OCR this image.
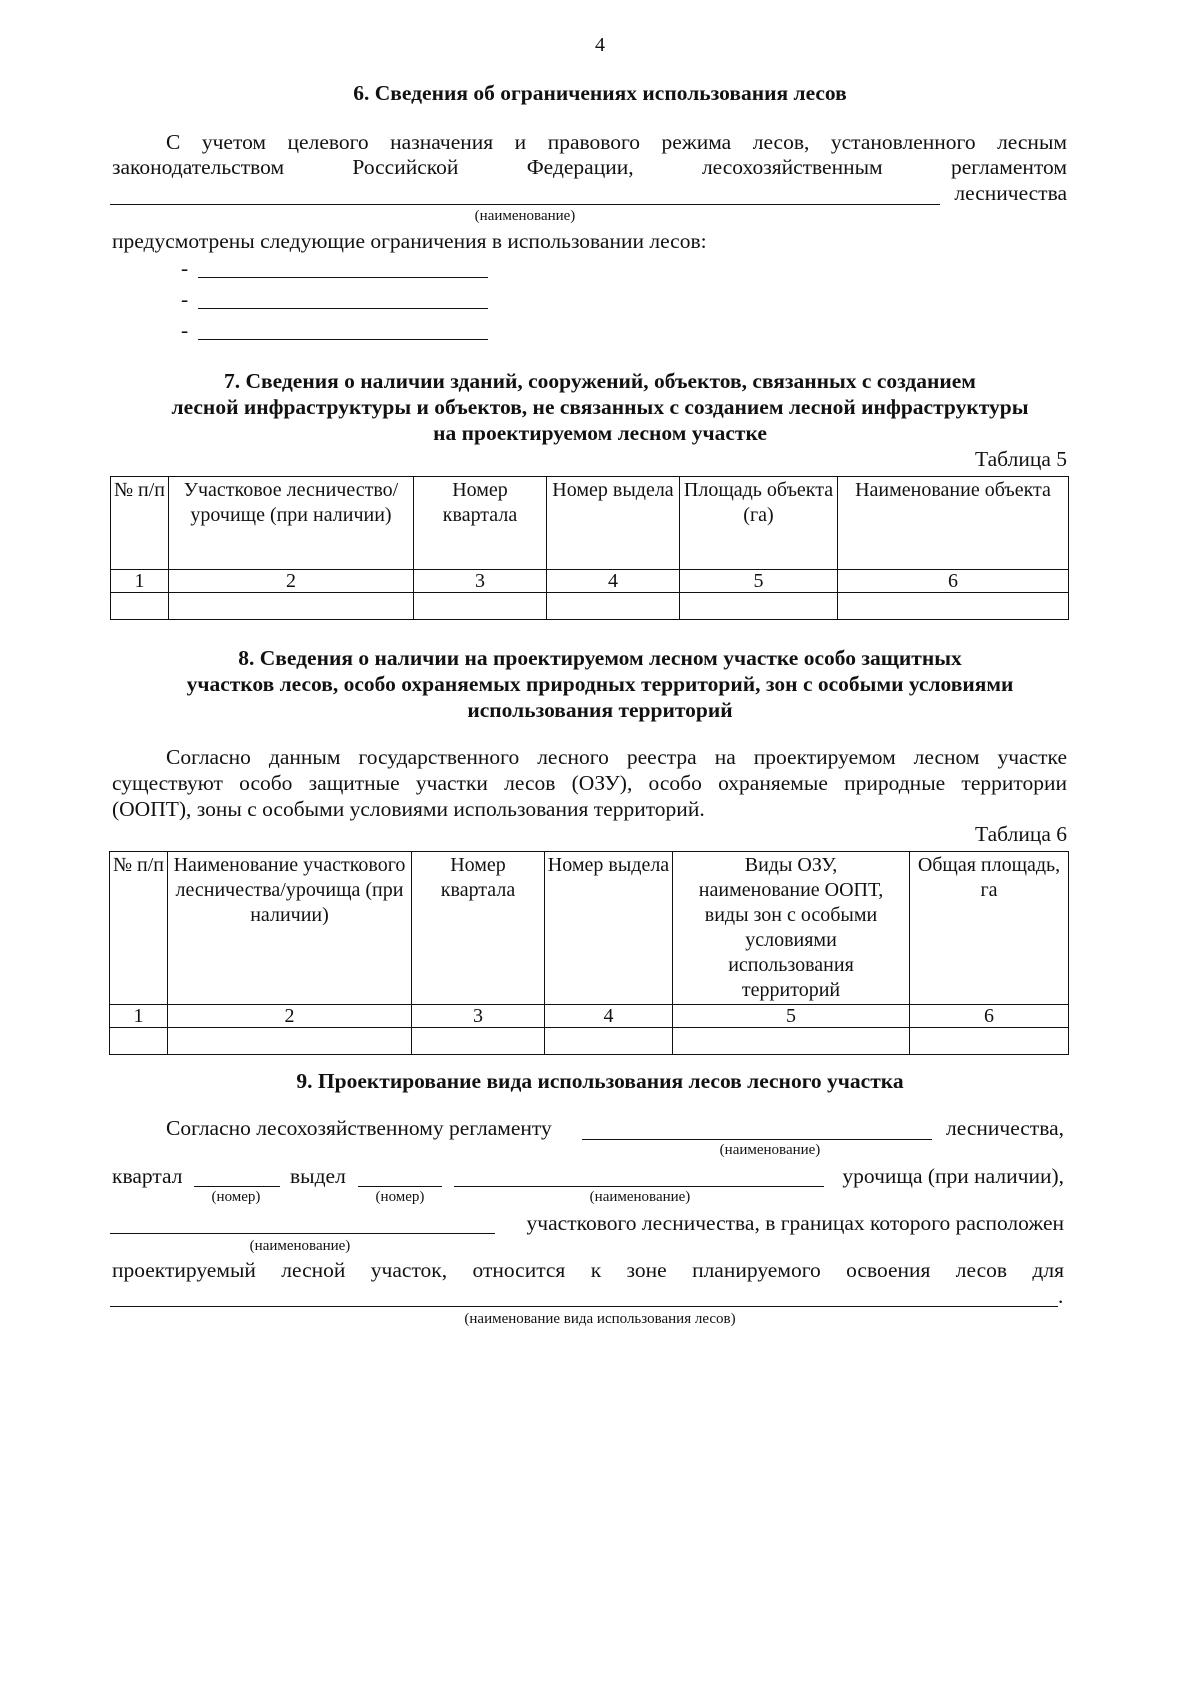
4
6. Сведения об ограничениях использования лесов
С учетом целевого назначения и правового режима лесов, установленного лесным
законодательством Российской Федерации, лесохозяйственным регламентом
лесничества
(наименование)
предусмотрены следующие ограничения в использовании лесов:
-
-
-
7. Сведения о наличии зданий, сооружений, объектов, связанных с созданием
лесной инфраструктуры и объектов, не связанных с созданием лесной инфраструктуры
на проектируемом лесном участке
Таблица 5
№ п/п	Участковое лесничество/ урочище (при наличии)	Номер квартала	Номер выдела	Площадь объекта (га)	Наименование объекта
1	2	3	4	5	6

8. Сведения о наличии на проектируемом лесном участке особо защитных
участков лесов, особо охраняемых природных территорий, зон с особыми условиями
использования территорий
Согласно данным государственного лесного реестра на проектируемом лесном участке
существуют особо защитные участки лесов (ОЗУ), особо охраняемые природные территории
(ООПТ), зоны с особыми условиями использования территорий.
Таблица 6
№ п/п	Наименование участкового лесничества/урочища (при наличии)	Номер квартала	Номер выдела	Виды ОЗУ, наименование ООПТ, виды зон с особыми условиями использования территорий	Общая площадь, га
1	2	3	4	5	6

9. Проектирование вида использования лесов лесного участка
Согласно лесохозяйственному регламенту	лесничества,
(наименование)
квартал	выдел	урочища (при наличии),
(номер)	(номер)	(наименование)
участкового лесничества, в границах которого расположен
(наименование)
проектируемый лесной участок, относится к зоне планируемого освоения лесов для
.
(наименование вида использования лесов)
